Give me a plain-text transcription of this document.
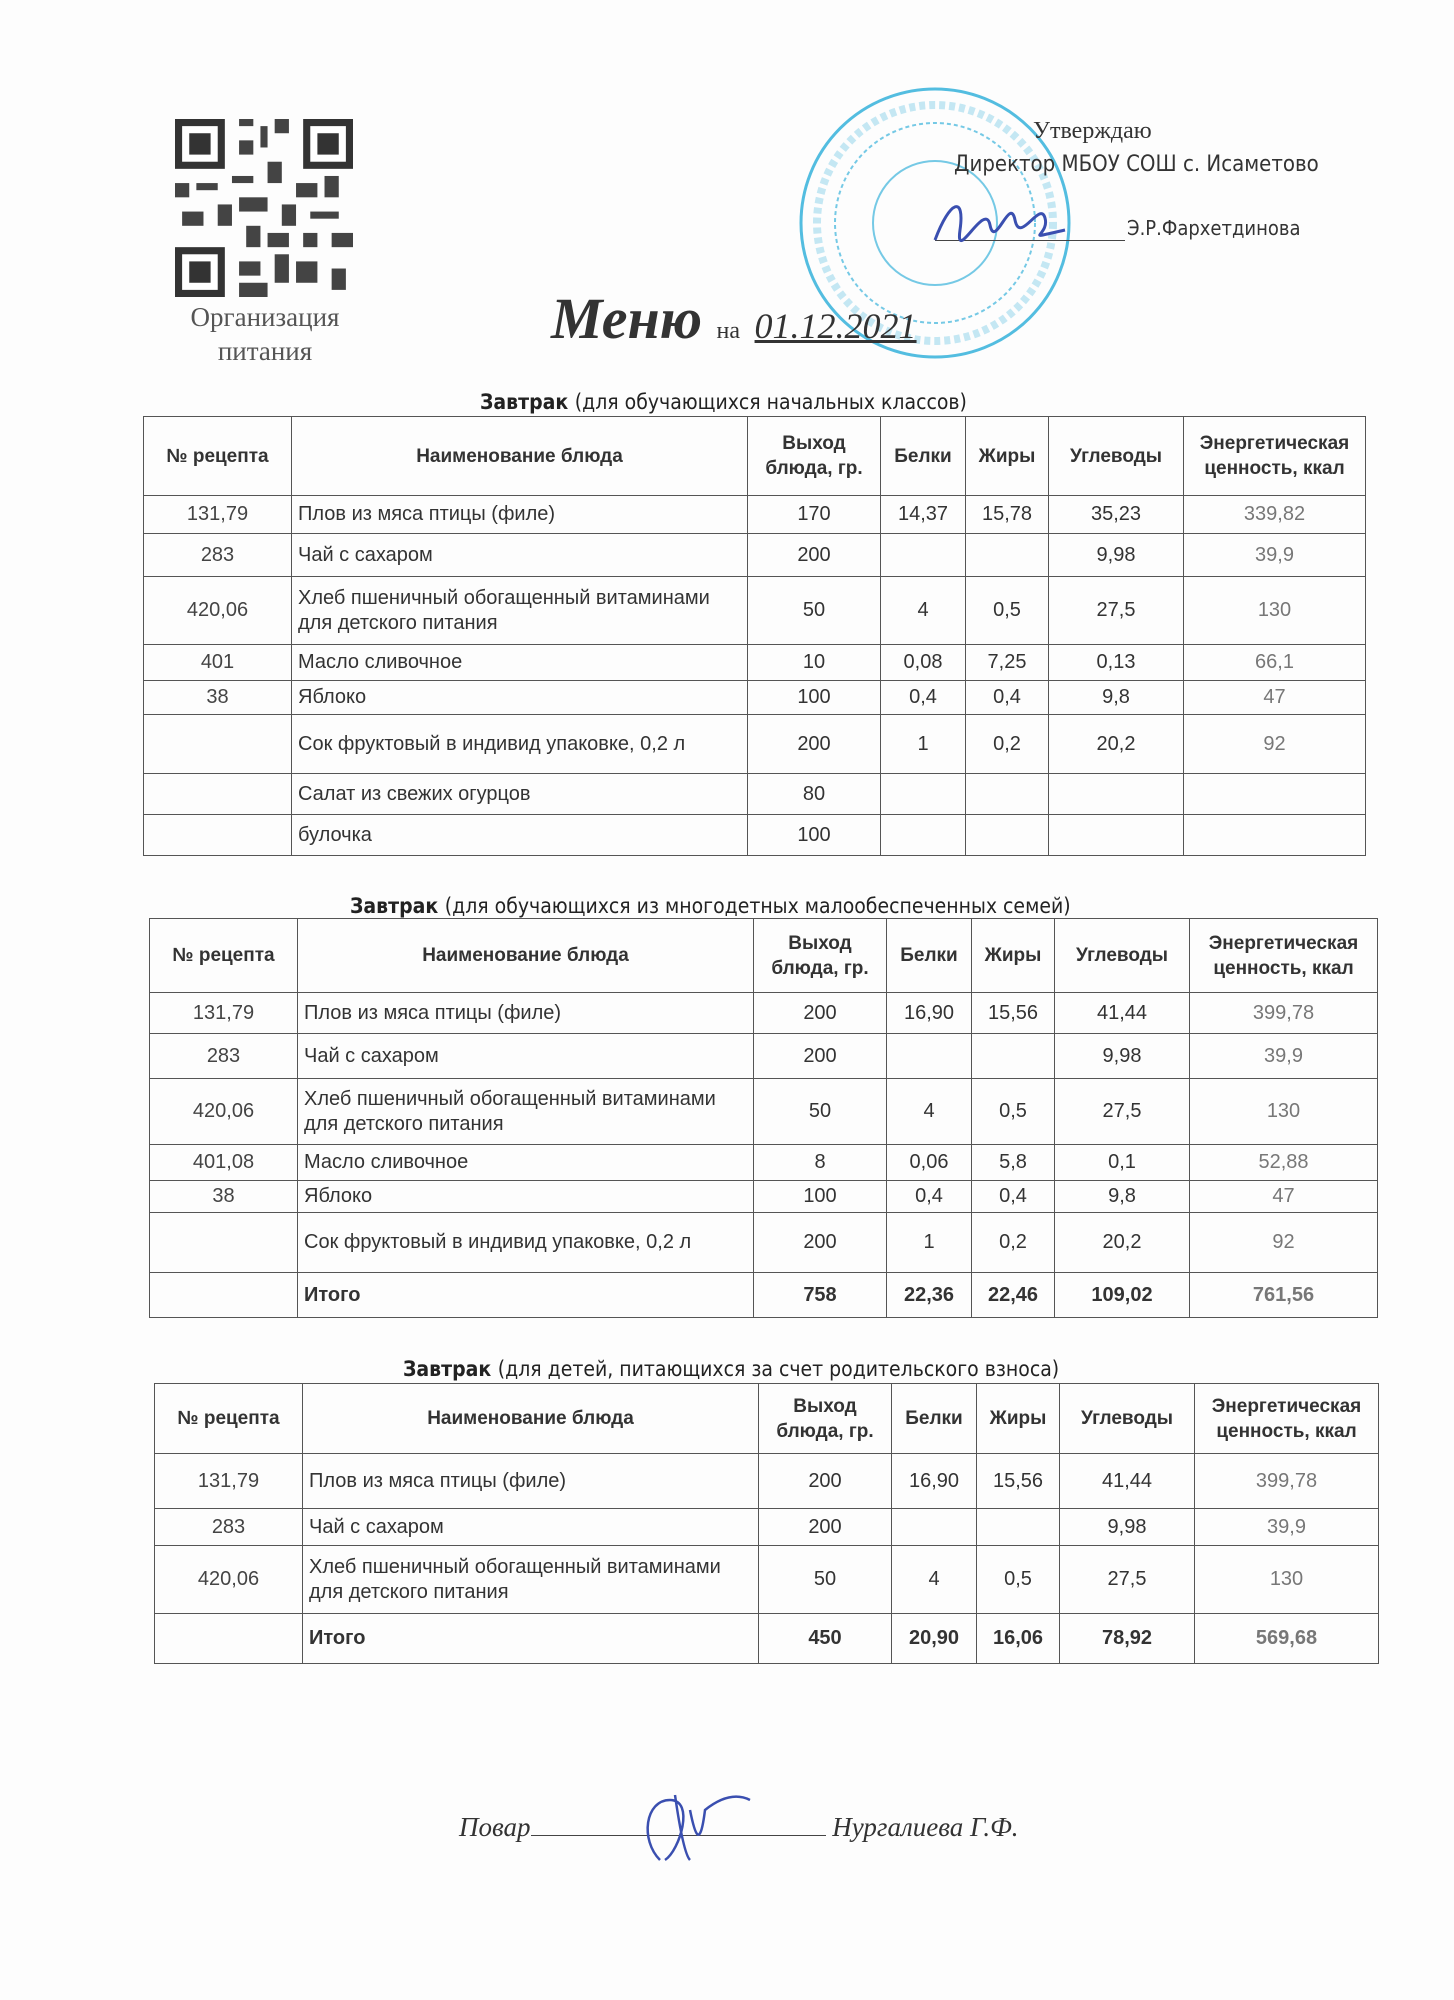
Организация
питания
Утверждаю
Директор МБОУ СОШ с. Исаметово
Э.Р.Фархетдинова
Меню на 01.12.2021
Завтрак (для обучающихся начальных классов)
№ рецепта	Наименование блюда	Выход блюда, гр.	Белки	Жиры	Углеводы	Энергетическая ценность, ккал
131,79	Плов из мяса птицы (филе)	170	14,37	15,78	35,23	339,82
283	Чай с сахаром	200			9,98	39,9
420,06	Хлеб пшеничный обогащенный витаминами для детского питания	50	4	0,5	27,5	130
401	Масло сливочное	10	0,08	7,25	0,13	66,1
38	Яблоко	100	0,4	0,4	9,8	47
	Сок фруктовый в индивид упаковке, 0,2 л	200	1	0,2	20,2	92
	Салат из свежих огурцов	80				
	булочка	100				
Завтрак (для обучающихся из многодетных малообеспеченных семей)
№ рецепта	Наименование блюда	Выход блюда, гр.	Белки	Жиры	Углеводы	Энергетическая ценность, ккал
131,79	Плов из мяса птицы (филе)	200	16,90	15,56	41,44	399,78
283	Чай с сахаром	200			9,98	39,9
420,06	Хлеб пшеничный обогащенный витаминами для детского питания	50	4	0,5	27,5	130
401,08	Масло сливочное	8	0,06	5,8	0,1	52,88
38	Яблоко	100	0,4	0,4	9,8	47
	Сок фруктовый в индивид упаковке, 0,2 л	200	1	0,2	20,2	92
	Итого	758	22,36	22,46	109,02	761,56
Завтрак (для детей, питающихся за счет родительского взноса)
№ рецепта	Наименование блюда	Выход блюда, гр.	Белки	Жиры	Углеводы	Энергетическая ценность, ккал
131,79	Плов из мяса птицы (филе)	200	16,90	15,56	41,44	399,78
283	Чай с сахаром	200			9,98	39,9
420,06	Хлеб пшеничный обогащенный витаминами для детского питания	50	4	0,5	27,5	130
	Итого	450	20,90	16,06	78,92	569,68
Повар	Нургалиева Г.Ф.
